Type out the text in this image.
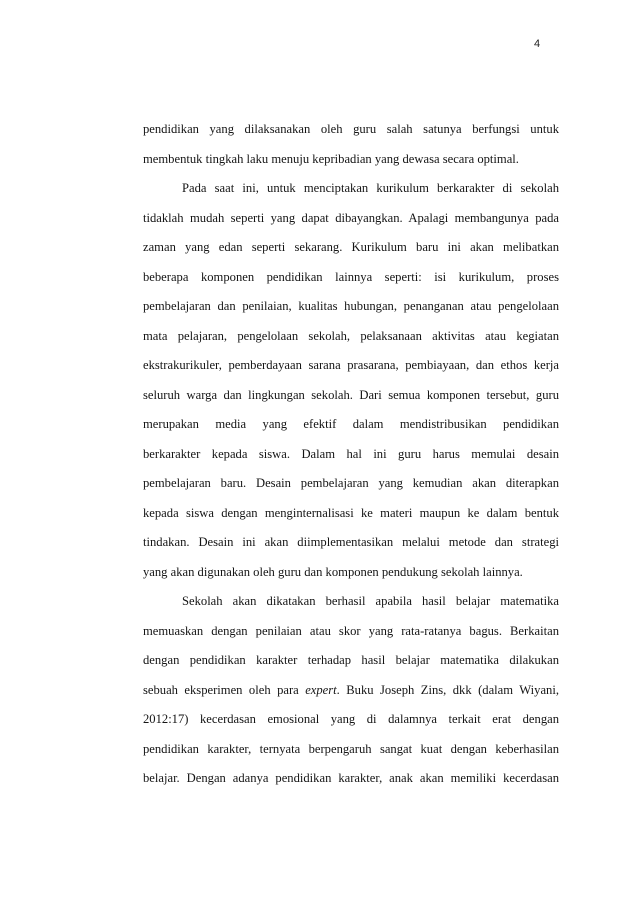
4
pendidikan yang dilaksanakan oleh guru salah satunya berfungsi untuk
membentuk tingkah laku menuju kepribadian yang dewasa secara optimal.
Pada saat ini, untuk menciptakan kurikulum berkarakter di sekolah
tidaklah mudah seperti yang dapat dibayangkan. Apalagi membangunya pada
zaman yang edan seperti sekarang. Kurikulum baru ini akan melibatkan
beberapa komponen pendidikan lainnya seperti: isi kurikulum, proses
pembelajaran dan penilaian, kualitas hubungan, penanganan atau pengelolaan
mata pelajaran, pengelolaan sekolah, pelaksanaan aktivitas atau kegiatan
ekstrakurikuler, pemberdayaan sarana prasarana, pembiayaan, dan ethos kerja
seluruh warga dan lingkungan sekolah. Dari semua komponen tersebut, guru
merupakan media yang efektif dalam mendistribusikan pendidikan
berkarakter kepada siswa. Dalam hal ini guru harus memulai desain
pembelajaran baru. Desain pembelajaran yang kemudian akan diterapkan
kepada siswa dengan menginternalisasi ke materi maupun ke dalam bentuk
tindakan. Desain ini akan diimplementasikan melalui metode dan strategi
yang akan digunakan oleh guru dan komponen pendukung sekolah lainnya.
Sekolah akan dikatakan berhasil apabila hasil belajar matematika
memuaskan dengan penilaian atau skor yang rata-ratanya bagus. Berkaitan
dengan pendidikan karakter terhadap hasil belajar matematika dilakukan
sebuah eksperimen oleh para expert. Buku Joseph Zins, dkk (dalam Wiyani,
2012:17) kecerdasan emosional yang di dalamnya terkait erat dengan
pendidikan karakter, ternyata berpengaruh sangat kuat dengan keberhasilan
belajar. Dengan adanya pendidikan karakter, anak akan memiliki kecerdasan
